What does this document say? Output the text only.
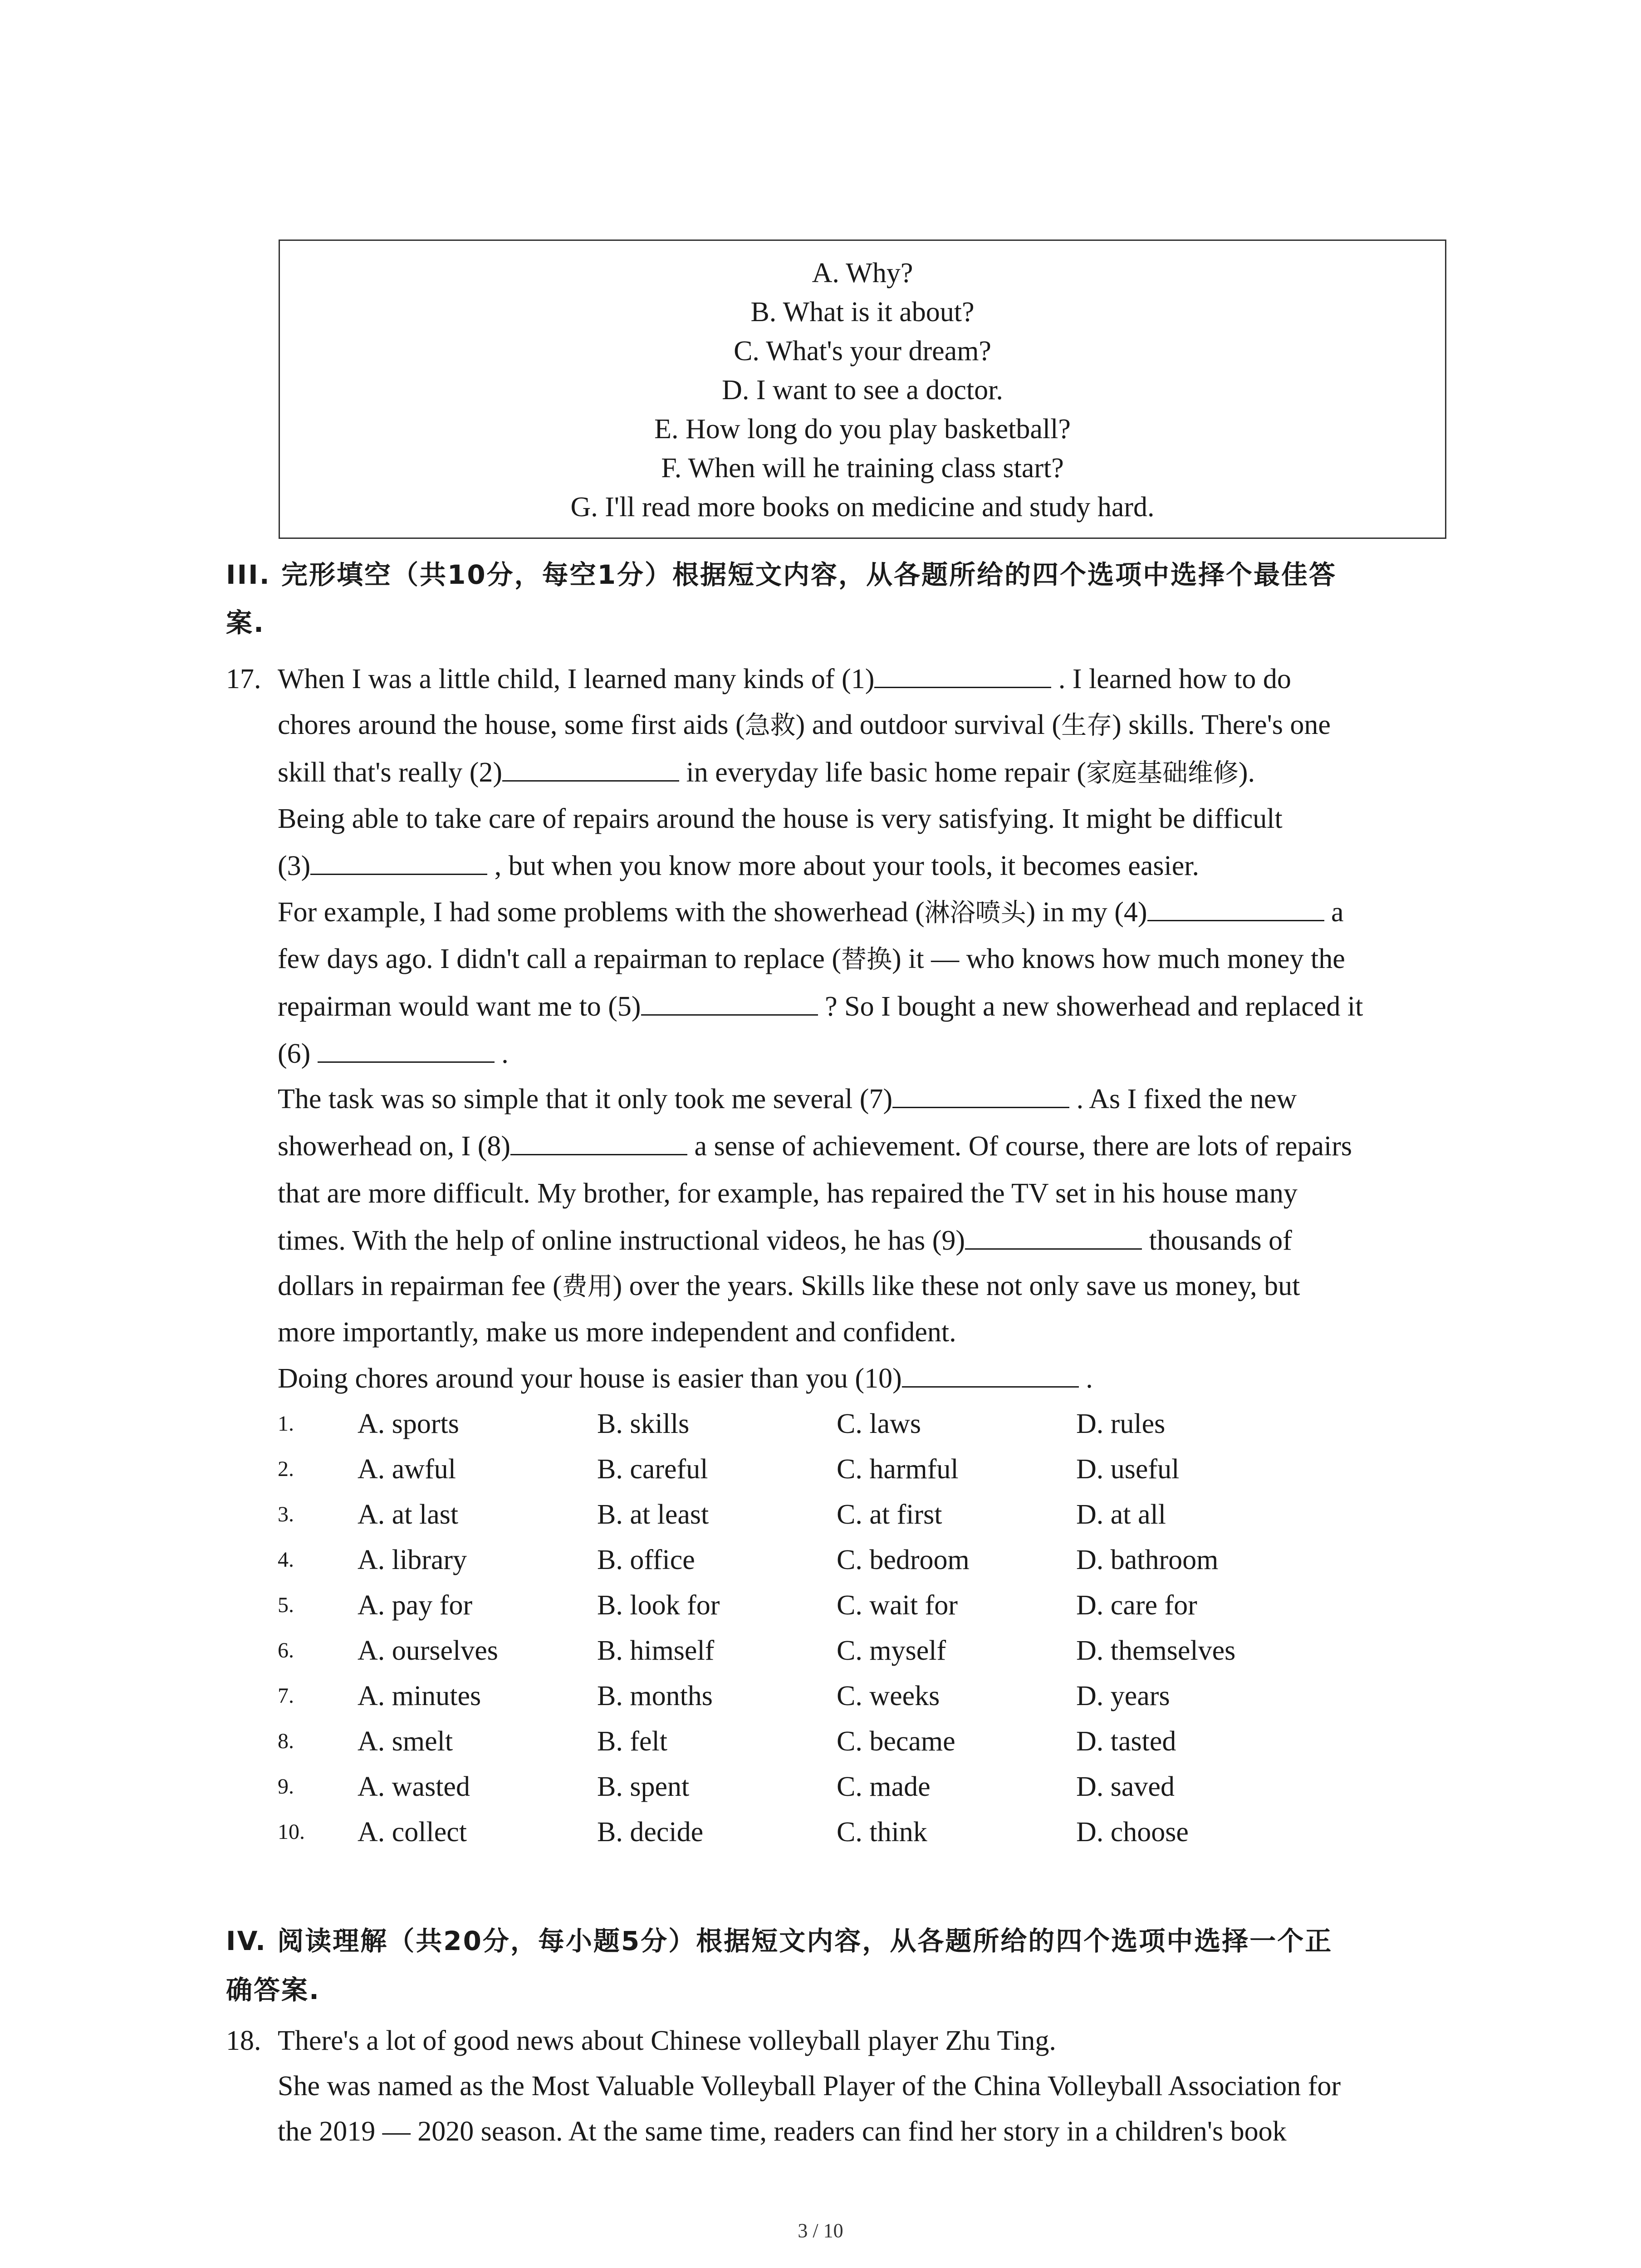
A. Why?
B. What is it about?
C. What's your dream?
D. I want to see a doctor.
E. How long do you play basketball?
F. When will he training class start?
G. I'll read more books on medicine and study hard.
III. 完形填空（共10分，每空1分）根据短文内容，从各题所给的四个选项中选择个最佳答
案.
17. When I was a little child, I learned many kinds of (1)	. I learned how to do
chores around the house, some first aids (急救) and outdoor survival (生存) skills. There's one
skill that's really (2)	in everyday life basic home repair (家庭基础维修).
Being able to take care of repairs around the house is very satisfying. It might be difficult
(3)	, but when you know more about your tools, it becomes easier.
For example, I had some problems with the showerhead (淋浴喷头) in my (4)	a
few days ago. I didn't call a repairman to replace (替换) it — who knows how much money the
repairman would want me to (5)	? So I bought a new showerhead and replaced it
(6)	.
The task was so simple that it only took me several (7)	. As I fixed the new
showerhead on, I (8)	a sense of achievement. Of course, there are lots of repairs
that are more difficult. My brother, for example, has repaired the TV set in his house many
times. With the help of online instructional videos, he has (9)	thousands of
dollars in repairman fee (费用) over the years. Skills like these not only save us money, but
more importantly, make us more independent and confident.
Doing chores around your house is easier than you (10)	.
1. A. sports	B. skills	C. laws	D. rules
2. A. awful	B. careful	C. harmful	D. useful
3. A. at last	B. at least	C. at first	D. at all
4. A. library	B. office	C. bedroom	D. bathroom
5. A. pay for	B. look for	C. wait for	D. care for
6. A. ourselves	B. himself	C. myself	D. themselves
7. A. minutes	B. months	C. weeks	D. years
8. A. smelt	B. felt	C. became	D. tasted
9. A. wasted	B. spent	C. made	D. saved
10. A. collect	B. decide	C. think	D. choose
IV. 阅读理解（共20分，每小题5分）根据短文内容，从各题所给的四个选项中选择一个正
确答案.
18. There's a lot of good news about Chinese volleyball player Zhu Ting.
She was named as the Most Valuable Volleyball Player of the China Volleyball Association for
the 2019 — 2020 season. At the same time, readers can find her story in a children's book
3 / 10
